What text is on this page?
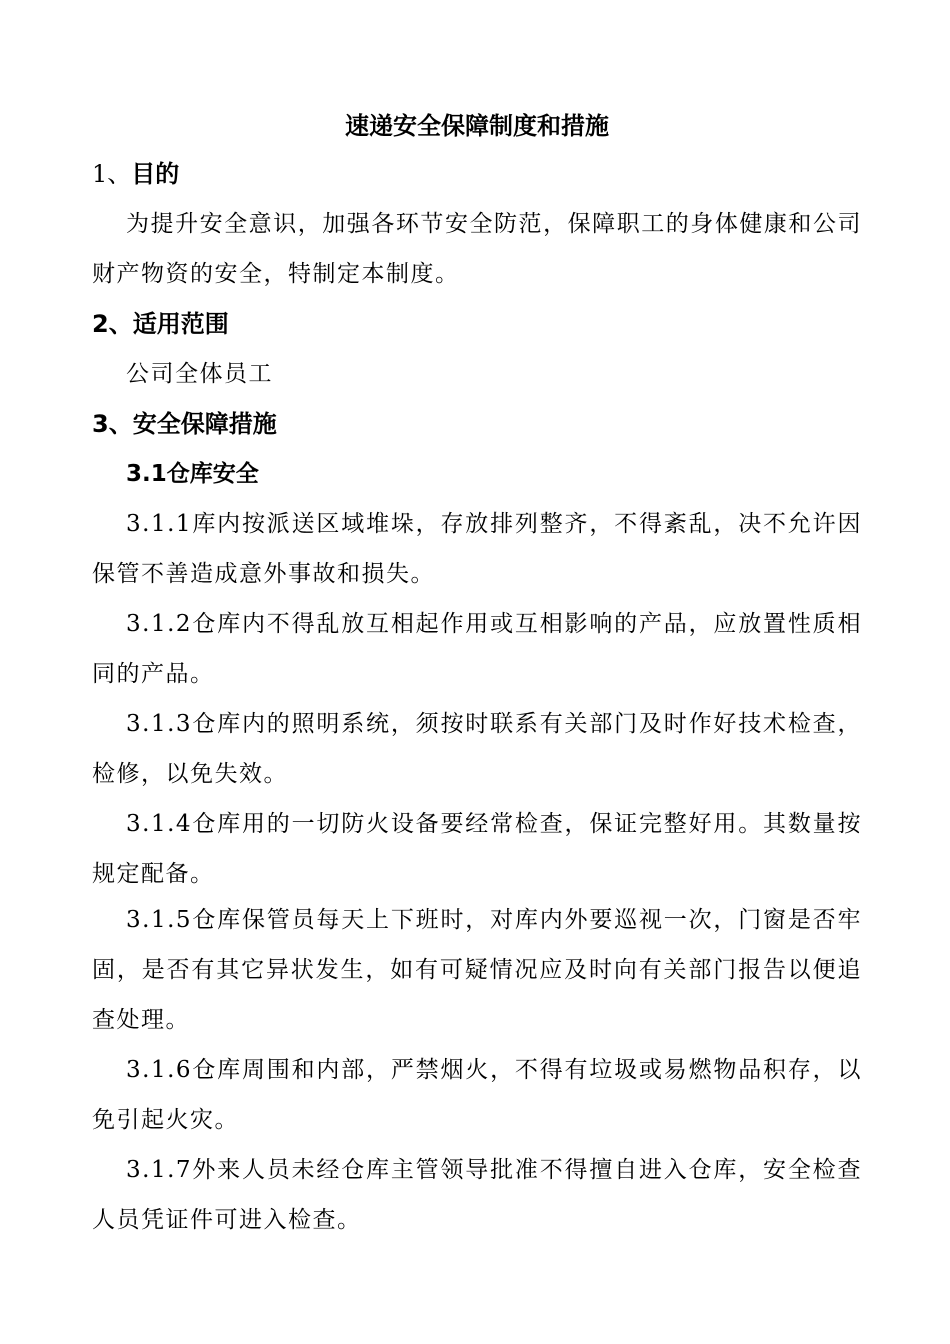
速递安全保障制度和措施
1、目的
为提升安全意识，加强各环节安全防范，保障职工的身体健康和公司财产物资的安全，特制定本制度。
2、适用范围
公司全体员工
3、安全保障措施
3.1仓库安全
3.1.1库内按派送区域堆垛，存放排列整齐，不得紊乱，决不允许因保管不善造成意外事故和损失。
3.1.2仓库内不得乱放互相起作用或互相影响的产品，应放置性质相同的产品。
3.1.3仓库内的照明系统，须按时联系有关部门及时作好技术检查，检修，以免失效。
3.1.4仓库用的一切防火设备要经常检查，保证完整好用。其数量按规定配备。
3.1.5仓库保管员每天上下班时，对库内外要巡视一次，门窗是否牢固，是否有其它异状发生，如有可疑情况应及时向有关部门报告以便追查处理。
3.1.6仓库周围和内部，严禁烟火，不得有垃圾或易燃物品积存，以免引起火灾。
3.1.7外来人员未经仓库主管领导批准不得擅自进入仓库，安全检查人员凭证件可进入检查。
